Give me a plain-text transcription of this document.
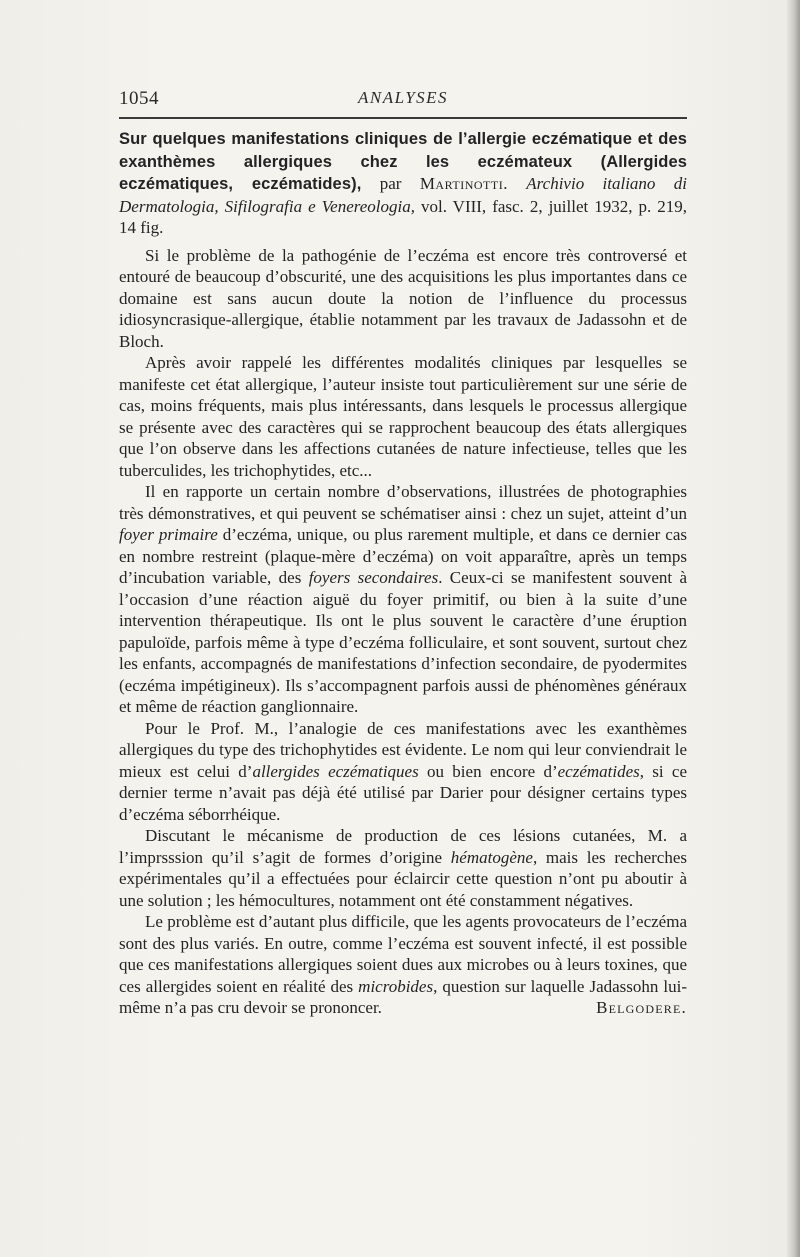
1054	ANALYSES

Sur quelques manifestations cliniques de l’allergie eczématique et des exanthèmes allergiques chez les eczémateux (Allergides eczématiques, eczématides), par Martinotti. Archivio italiano di Dermatologia, Sifilografia e Venereologia, vol. VIII, fasc. 2, juillet 1932, p. 219, 14 fig.

Si le problème de la pathogénie de l’eczéma est encore très controversé et entouré de beaucoup d’obscurité, une des acquisitions les plus importantes dans ce domaine est sans aucun doute la notion de l’influence du processus idiosyncrasique-allergique, établie notamment par les travaux de Jadassohn et de Bloch.

Après avoir rappelé les différentes modalités cliniques par lesquelles se manifeste cet état allergique, l’auteur insiste tout particulièrement sur une série de cas, moins fréquents, mais plus intéressants, dans lesquels le processus allergique se présente avec des caractères qui se rapprochent beaucoup des états allergiques que l’on observe dans les affections cutanées de nature infectieuse, telles que les tuberculides, les trichophytides, etc...

Il en rapporte un certain nombre d’observations, illustrées de photographies très démonstratives, et qui peuvent se schématiser ainsi : chez un sujet, atteint d’un foyer primaire d’eczéma, unique, ou plus rarement multiple, et dans ce dernier cas en nombre restreint (plaque-mère d’eczéma) on voit apparaître, après un temps d’incubation variable, des foyers secondaires. Ceux-ci se manifestent souvent à l’occasion d’une réaction aiguë du foyer primitif, ou bien à la suite d’une intervention thérapeutique. Ils ont le plus souvent le caractère d’une éruption papuloïde, parfois même à type d’eczéma folliculaire, et sont souvent, surtout chez les enfants, accompagnés de manifestations d’infection secondaire, de pyodermites (eczéma impétigineux). Ils s’accompagnent parfois aussi de phénomènes généraux et même de réaction ganglionnaire.

Pour le Prof. M., l’analogie de ces manifestations avec les exanthèmes allergiques du type des trichophytides est évidente. Le nom qui leur conviendrait le mieux est celui d’allergides eczématiques ou bien encore d’eczématides, si ce dernier terme n’avait pas déjà été utilisé par Darier pour désigner certains types d’eczéma séborrhéique.

Discutant le mécanisme de production de ces lésions cutanées, M. a l’imprsssion qu’il s’agit de formes d’origine hématogène, mais les recherches expérimentales qu’il a effectuées pour éclaircir cette question n’ont pu aboutir à une solution ; les hémocultures, notamment ont été constamment négatives.

Le problème est d’autant plus difficile, que les agents provocateurs de l’eczéma sont des plus variés. En outre, comme l’eczéma est souvent infecté, il est possible que ces manifestations allergiques soient dues aux microbes ou à leurs toxines, que ces allergides soient en réalité des microbides, question sur laquelle Jadassohn lui-même n’a pas cru devoir se prononcer.	Belgodere.
